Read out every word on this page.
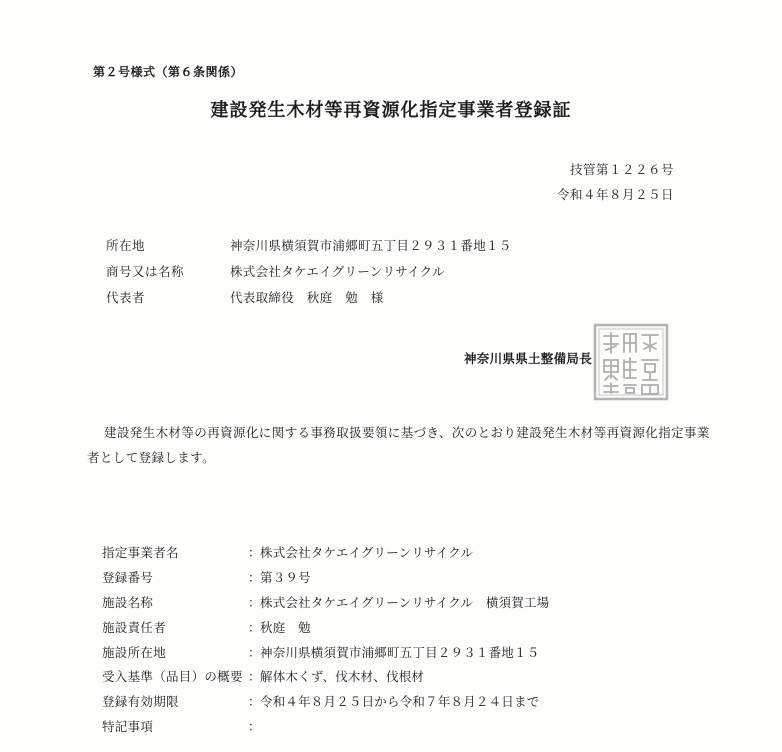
第２号様式（第６条関係）
建設発生木材等再資源化指定事業者登録証
技管第１２２６号
令和４年８月２５日
所在地	神奈川県横須賀市浦郷町五丁目２９３１番地１５
商号又は名称	株式会社タケエイグリーンリサイクル
代表者	代表取締役　秋庭　勉　様
神奈川県県土整備局長
建設発生木材等の再資源化に関する事務取扱要領に基づき、次のとおり建設発生木材等再資源化指定事業者として登録します。
指定事業者名	： 株式会社タケエイグリーンリサイクル
登録番号	： 第３９号
施設名称	： 株式会社タケエイグリーンリサイクル　横須賀工場
施設責任者	： 秋庭　勉
施設所在地	： 神奈川県横須賀市浦郷町五丁目２９３１番地１５
受入基準（品目）の概要 ： 解体木くず、伐木材、伐根材
登録有効期限	： 令和４年８月２５日から令和７年８月２４日まで
特記事項	：
